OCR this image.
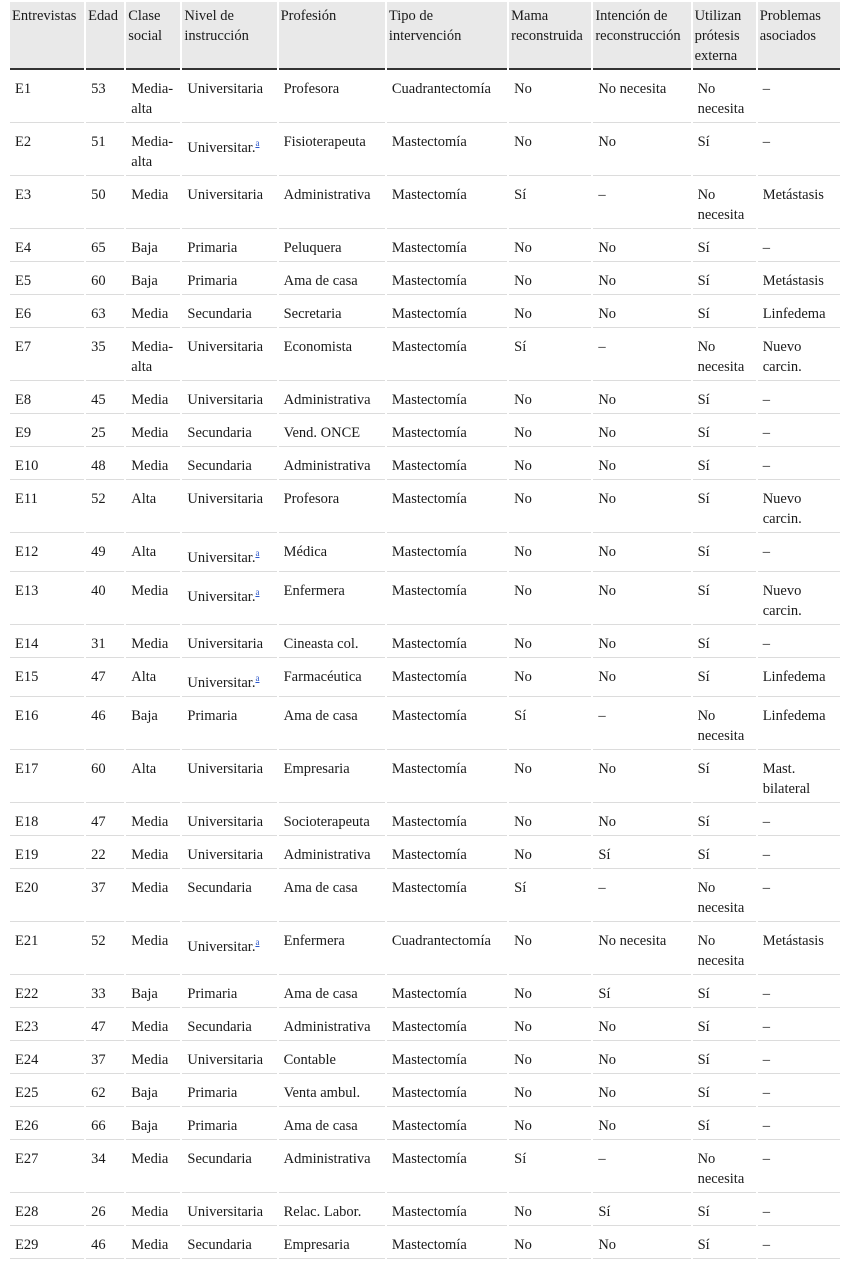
Entrevistas	Edad	Clase social	Nivel de instrucción	Profesión	Tipo de intervención	Mama reconstruida	Intención de reconstrucción	Utilizan prótesis externa	Problemas asociados
E1	53	Media-alta	Universitaria	Profesora	Cuadrantectomía	No	No necesita	No necesita	–
E2	51	Media-alta	Universitar.$^a$	Fisioterapeuta	Mastectomía	No	No	Sí	–
E3	50	Media	Universitaria	Administrativa	Mastectomía	Sí	–	No necesita	Metástasis
E4	65	Baja	Primaria	Peluquera	Mastectomía	No	No	Sí	–
E5	60	Baja	Primaria	Ama de casa	Mastectomía	No	No	Sí	Metástasis
E6	63	Media	Secundaria	Secretaria	Mastectomía	No	No	Sí	Linfedema
E7	35	Media-alta	Universitaria	Economista	Mastectomía	Sí	–	No necesita	Nuevo carcin.
E8	45	Media	Universitaria	Administrativa	Mastectomía	No	No	Sí	–
E9	25	Media	Secundaria	Vend. ONCE	Mastectomía	No	No	Sí	–
E10	48	Media	Secundaria	Administrativa	Mastectomía	No	No	Sí	–
E11	52	Alta	Universitaria	Profesora	Mastectomía	No	No	Sí	Nuevo carcin.
E12	49	Alta	Universitar.$^a$	Médica	Mastectomía	No	No	Sí	–
E13	40	Media	Universitar.$^a$	Enfermera	Mastectomía	No	No	Sí	Nuevo carcin.
E14	31	Media	Universitaria	Cineasta col.	Mastectomía	No	No	Sí	–
E15	47	Alta	Universitar.$^a$	Farmacéutica	Mastectomía	No	No	Sí	Linfedema
E16	46	Baja	Primaria	Ama de casa	Mastectomía	Sí	–	No necesita	Linfedema
E17	60	Alta	Universitaria	Empresaria	Mastectomía	No	No	Sí	Mast. bilateral
E18	47	Media	Universitaria	Socioterapeuta	Mastectomía	No	No	Sí	–
E19	22	Media	Universitaria	Administrativa	Mastectomía	No	Sí	Sí	–
E20	37	Media	Secundaria	Ama de casa	Mastectomía	Sí	–	No necesita	–
E21	52	Media	Universitar.$^a$	Enfermera	Cuadrantectomía	No	No necesita	No necesita	Metástasis
E22	33	Baja	Primaria	Ama de casa	Mastectomía	No	Sí	Sí	–
E23	47	Media	Secundaria	Administrativa	Mastectomía	No	No	Sí	–
E24	37	Media	Universitaria	Contable	Mastectomía	No	No	Sí	–
E25	62	Baja	Primaria	Venta ambul.	Mastectomía	No	No	Sí	–
E26	66	Baja	Primaria	Ama de casa	Mastectomía	No	No	Sí	–
E27	34	Media	Secundaria	Administrativa	Mastectomía	Sí	–	No necesita	–
E28	26	Media	Universitaria	Relac. Labor.	Mastectomía	No	Sí	Sí	–
E29	46	Media	Secundaria	Empresaria	Mastectomía	No	No	Sí	–
